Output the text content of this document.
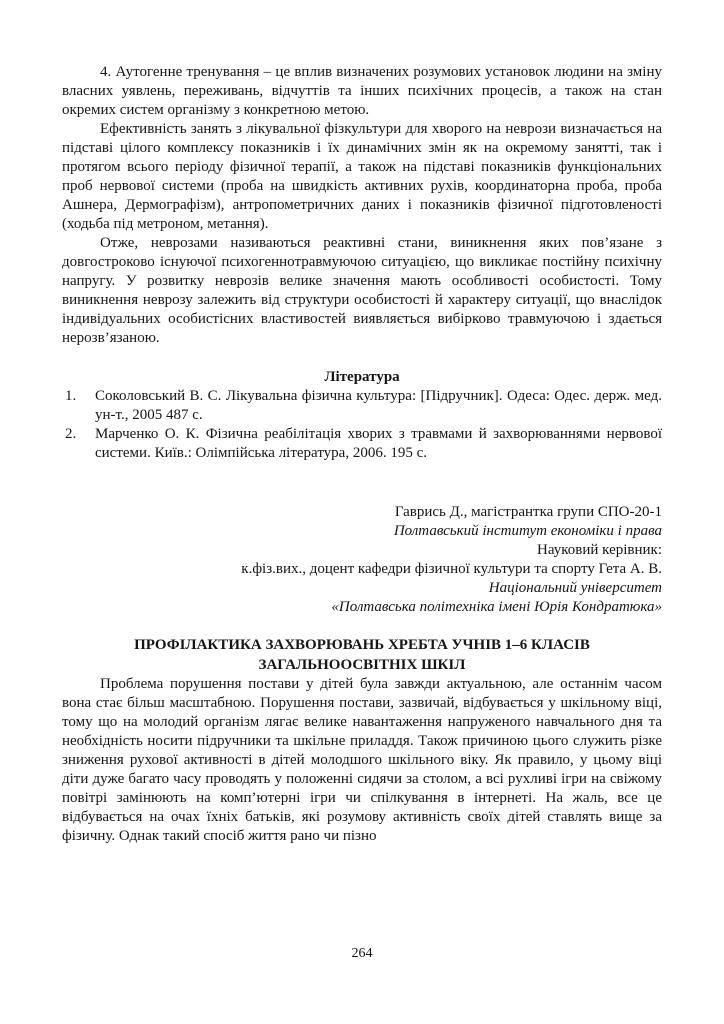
4. Аутогенне тренування – це вплив визначених розумових установок людини на зміну власних уявлень, переживань, відчуттів та інших психічних процесів, а також на стан окремих систем організму з конкретною метою.

Ефективність занять з лікувальної фізкультури для хворого на неврози визначається на підставі цілого комплексу показників і їх динамічних змін як на окремому занятті, так і протягом всього періоду фізичної терапії, а також на підставі показників функціональних проб нервової системи (проба на швидкість активних рухів, координаторна проба, проба Ашнера, Дермографізм), антропометричних даних і показників фізичної підготовленості (ходьба під метроном, метання).

Отже, неврозами називаються реактивні стани, виникнення яких пов’язане з довгостроково існуючої психогеннотравмуючою ситуацією, що викликає постійну психічну напругу. У розвитку неврозів велике значення мають особливості особистості. Тому виникнення неврозу залежить від структури особистості й характеру ситуації, що внаслідок індивідуальних особистісних властивостей виявляється вибірково травмуючою і здається нерозв’язаною.

Література

1. Соколовський В. С. Лікувальна фізична культура: [Підручник]. Одеса: Одес. держ. мед. ун-т., 2005 487 с.
2. Марченко О. К. Фізична реабілітація хворих з травмами й захворюваннями нервової системи. Київ.: Олімпійська література, 2006. 195 с.

Гаврись Д., магістрантка групи СПО-20-1

Полтавський інститут економіки і права

Науковий керівник:

к.фіз.вих., доцент кафедри фізичної культури та спорту Гета А. В.

Національний університет

«Полтавська політехніка імені Юрія Кондратюка»

ПРОФІЛАКТИКА ЗАХВОРЮВАНЬ ХРЕБТА УЧНІВ 1–6 КЛАСІВ ЗАГАЛЬНООСВІТНІХ ШКІЛ

Проблема порушення постави у дітей була завжди актуальною, але останнім часом вона стає більш масштабною. Порушення постави, зазвичай, відбувається у шкільному віці, тому що на молодий організм лягає велике навантаження напруженого навчального дня та необхідність носити підручники та шкільне приладдя. Також причиною цього служить різке зниження рухової активності в дітей молодшого шкільного віку. Як правило, у цьому віці діти дуже багато часу проводять у положенні сидячи за столом, а всі рухливі ігри на свіжому повітрі замінюють на комп’ютерні ігри чи спілкування в інтернеті. На жаль, все це відбувається на очах їхніх батьків, які розумову активність своїх дітей ставлять вище за фізичну. Однак такий спосіб життя рано чи пізно

264
